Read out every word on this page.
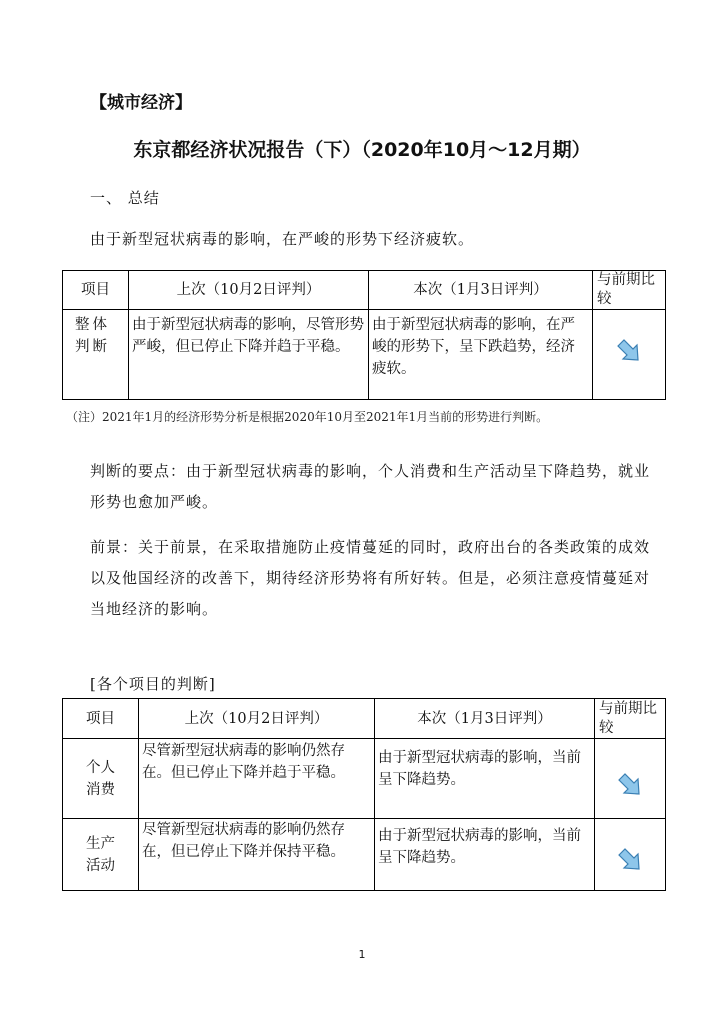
【城市经济】
东京都经济状况报告（下）（2020年10月～12月期）
一、 总结
由于新型冠状病毒的影响，在严峻的形势下经济疲软。
项目	上次（10月2日评判）	本次（1月3日评判）	与前期比较
整体判断	由于新型冠状病毒的影响，尽管形势严峻，但已停止下降并趋于平稳。	由于新型冠状病毒的影响，在严峻的形势下，呈下跌趋势，经济疲软。	
（注）2021年1月的经济形势分析是根据2020年10月至2021年1月当前的形势进行判断。
判断的要点：由于新型冠状病毒的影响，个人消费和生产活动呈下降趋势，就业形势也愈加严峻。
前景：关于前景，在采取措施防止疫情蔓延的同时，政府出台的各类政策的成效以及他国经济的改善下，期待经济形势将有所好转。但是，必须注意疫情蔓延对当地经济的影响。
[各个项目的判断]
项目	上次（10月2日评判）	本次（1月3日评判）	与前期比较
个人消费	尽管新型冠状病毒的影响仍然存在。但已停止下降并趋于平稳。	由于新型冠状病毒的影响，当前呈下降趋势。	
生产活动	尽管新型冠状病毒的影响仍然存在，但已停止下降并保持平稳。	由于新型冠状病毒的影响，当前呈下降趋势。	
1
